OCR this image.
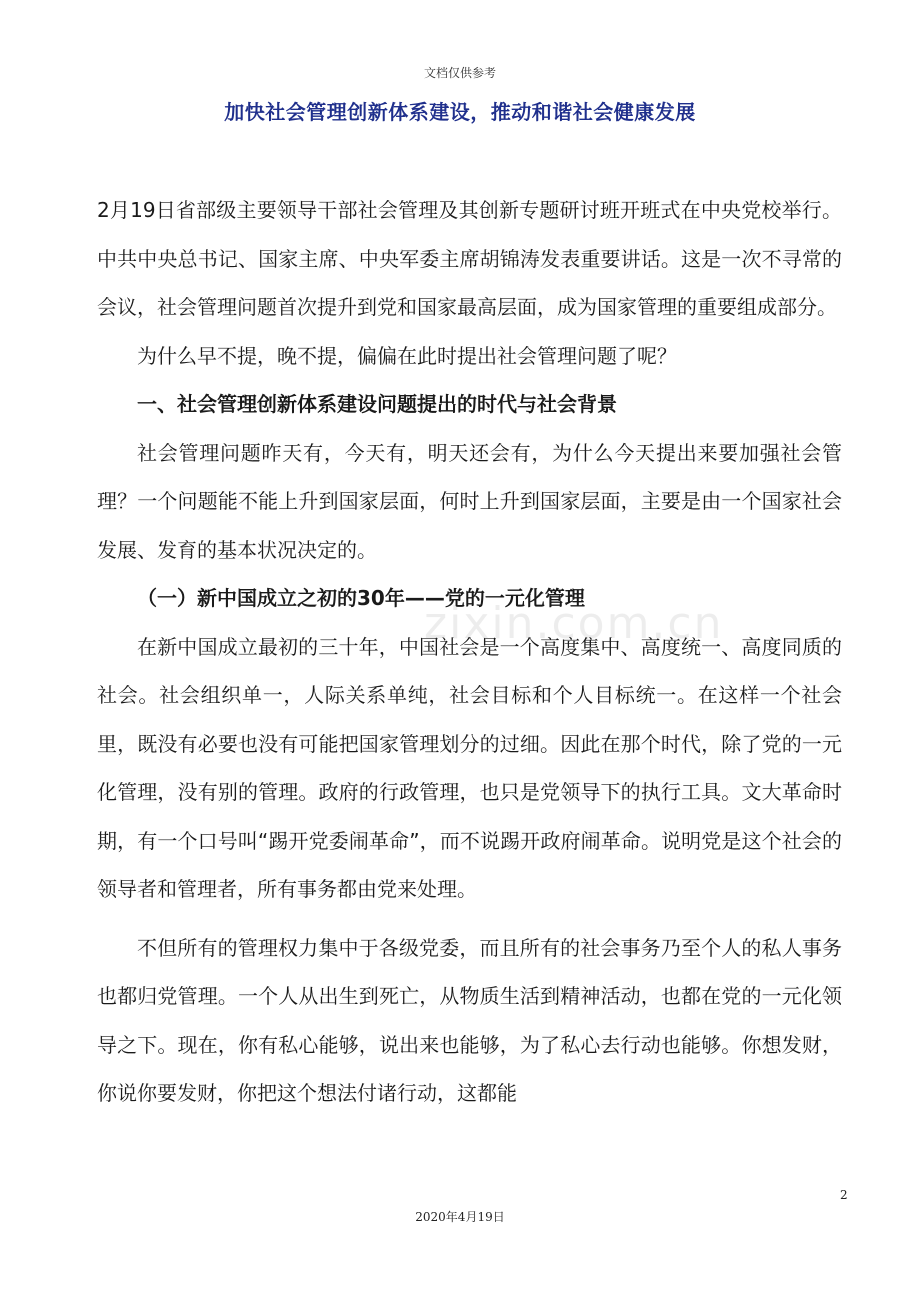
文档仅供参考
加快社会管理创新体系建设，推动和谐社会健康发展

2月19日省部级主要领导干部社会管理及其创新专题研讨班开班式在中央党校举行。中共中央总书记、国家主席、中央军委主席胡锦涛发表重要讲话。这是一次不寻常的会议，社会管理问题首次提升到党和国家最高层面，成为国家管理的重要组成部分。

为什么早不提，晚不提，偏偏在此时提出社会管理问题了呢？

一、社会管理创新体系建设问题提出的时代与社会背景

社会管理问题昨天有，今天有，明天还会有，为什么今天提出来要加强社会管理？一个问题能不能上升到国家层面，何时上升到国家层面，主要是由一个国家社会发展、发育的基本状况决定的。

（一）新中国成立之初的30年——党的一元化管理

在新中国成立最初的三十年，中国社会是一个高度集中、高度统一、高度同质的社会。社会组织单一，人际关系单纯，社会目标和个人目标统一。在这样一个社会里，既没有必要也没有可能把国家管理划分的过细。因此在那个时代，除了党的一元化管理，没有别的管理。政府的行政管理，也只是党领导下的执行工具。文大革命时期，有一个口号叫“踢开党委闹革命”，而不说踢开政府闹革命。说明党是这个社会的领导者和管理者，所有事务都由党来处理。

不但所有的管理权力集中于各级党委，而且所有的社会事务乃至个人的私人事务也都归党管理。一个人从出生到死亡，从物质生活到精神活动，也都在党的一元化领导之下。现在，你有私心能够，说出来也能够，为了私心去行动也能够。你想发财，你说你要发财，你把这个想法付诸行动，这都能

zixin.com.cn
2
2020年4月19日
